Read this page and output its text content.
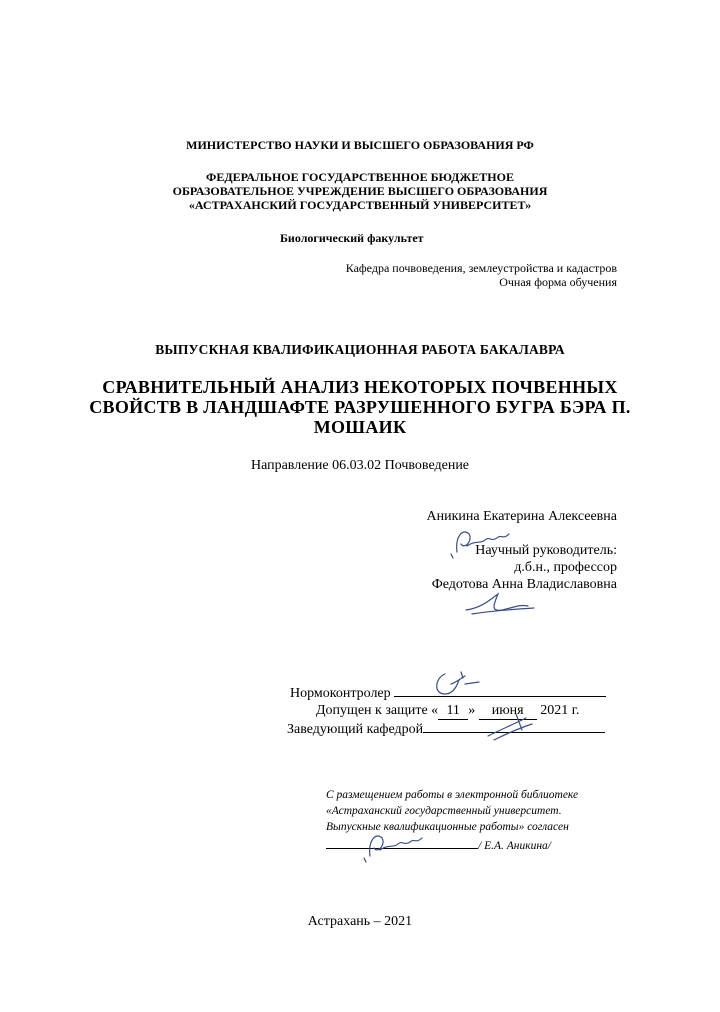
МИНИСТЕРСТВО НАУКИ И ВЫСШЕГО ОБРАЗОВАНИЯ РФ
ФЕДЕРАЛЬНОЕ ГОСУДАРСТВЕННОЕ БЮДЖЕТНОЕ
ОБРАЗОВАТЕЛЬНОЕ УЧРЕЖДЕНИЕ ВЫСШЕГО ОБРАЗОВАНИЯ
«АСТРАХАНСКИЙ ГОСУДАРСТВЕННЫЙ УНИВЕРСИТЕТ»
Биологический факультет
Кафедра почвоведения, землеустройства и кадастров
Очная форма обучения
ВЫПУСКНАЯ КВАЛИФИКАЦИОННАЯ РАБОТА БАКАЛАВРА
СРАВНИТЕЛЬНЫЙ АНАЛИЗ НЕКОТОРЫХ ПОЧВЕННЫХ
СВОЙСТВ В ЛАНДШАФТЕ РАЗРУШЕННОГО БУГРА БЭРА П.
МОШАИК
Направление 06.03.02 Почвоведение
Аникина Екатерина Алексеевна
Научный руководитель:
д.б.н., профессор
Федотова Анна Владиславовна
Нормоконтролер
Допущен к защите « 11 » июня 2021 г.
Заведующий кафедрой
С размещением работы в электронной библиотеке
«Астраханский государственный университет.
Выпускные квалификационные работы» согласен
/ Е.А. Аникина/
Астрахань – 2021
